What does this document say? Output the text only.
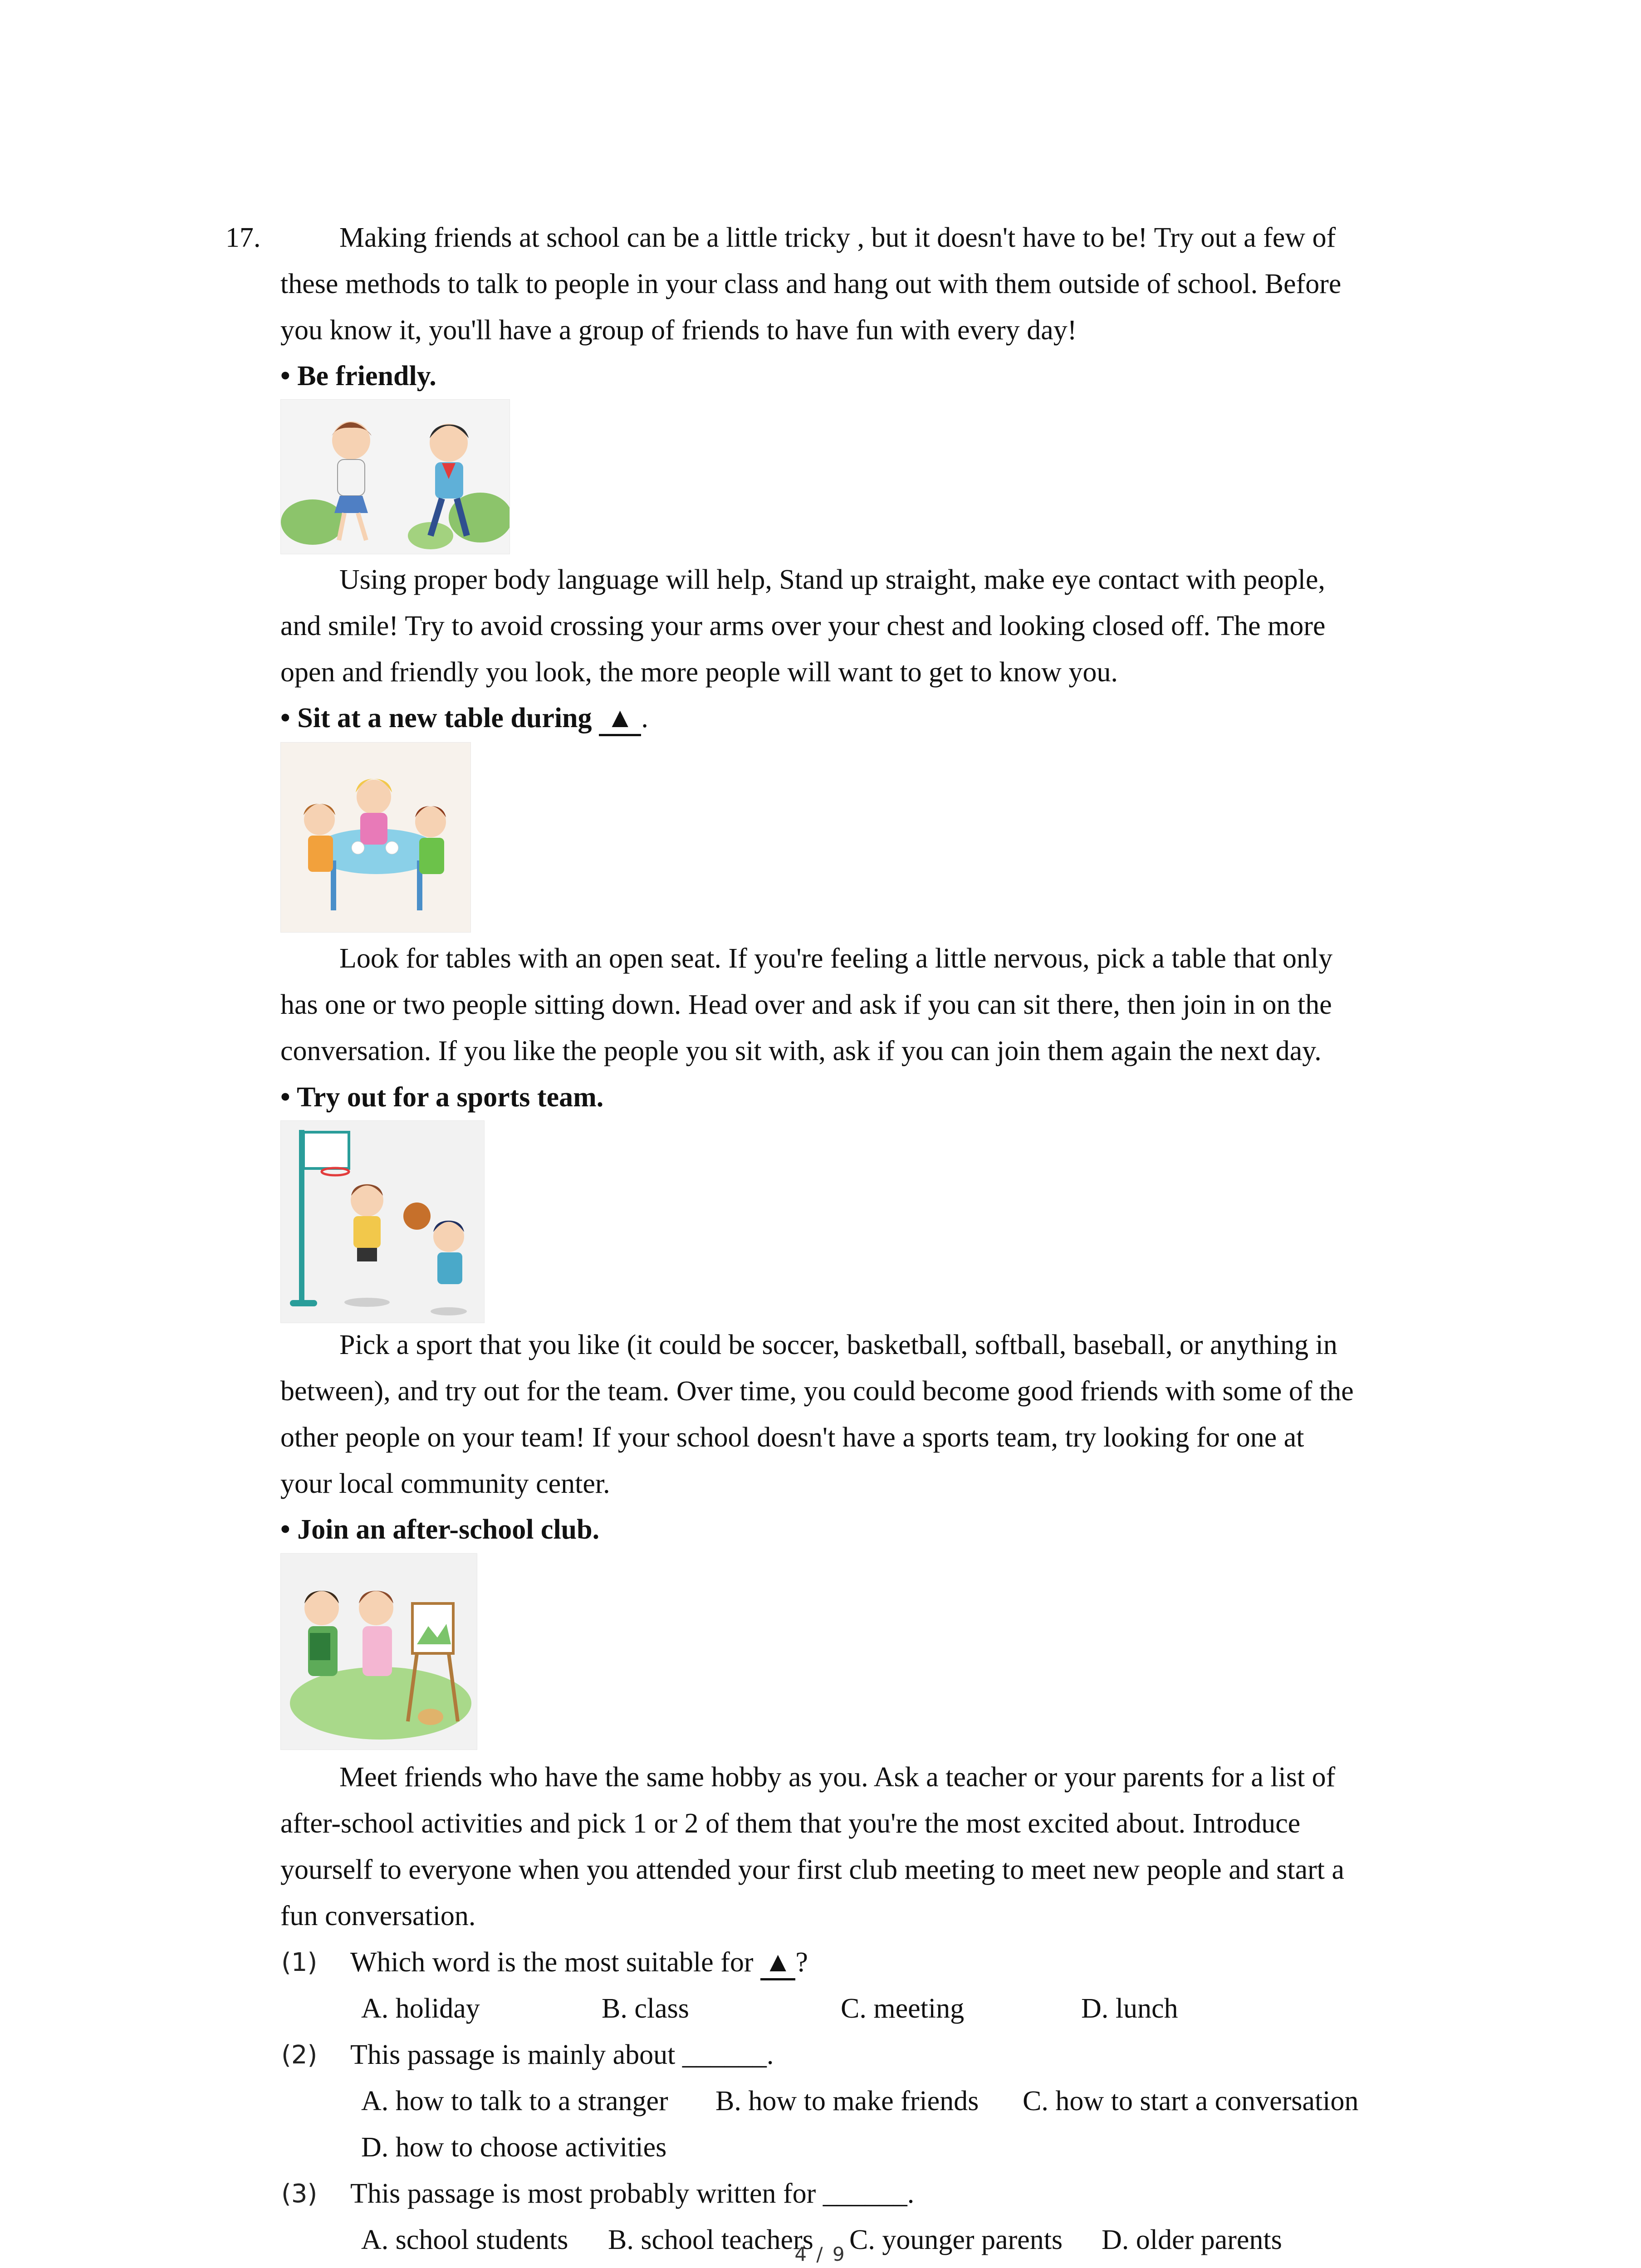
17.	Making friends at school can be a little tricky , but it doesn't have to be! Try out a few of
these methods to talk to people in your class and hang out with them outside of school. Before
you know it, you'll have a group of friends to have fun with every day!
• Be friendly.
Using proper body language will help, Stand up straight, make eye contact with people,
and smile! Try to avoid crossing your arms over your chest and looking closed off. The more
open and friendly you look, the more people will want to get to know you.
• Sit at a new table during ▲ .
Look for tables with an open seat. If you're feeling a little nervous, pick a table that only
has one or two people sitting down. Head over and ask if you can sit there, then join in on the
conversation. If you like the people you sit with, ask if you can join them again the next day.
• Try out for a sports team.
Pick a sport that you like (it could be soccer, basketball, softball, baseball, or anything in
between), and try out for the team. Over time, you could become good friends with some of the
other people on your team! If your school doesn't have a sports team, try looking for one at
your local community center.
• Join an after-school club.
Meet friends who have the same hobby as you. Ask a teacher or your parents for a list of
after-school activities and pick 1 or 2 of them that you're the most excited about. Introduce
yourself to everyone when you attended your first club meeting to meet new people and start a
fun conversation.
(1) Which word is the most suitable for ▲ ?
A. holiday	B. class	C. meeting	D. lunch
(2) This passage is mainly about ______.
A. how to talk to a stranger B. how to make friends C. how to start a conversation
D. how to choose activities
(3) This passage is most probably written for ______.
A. school students B. school teachers C. younger parents D. older parents
4 / 9
